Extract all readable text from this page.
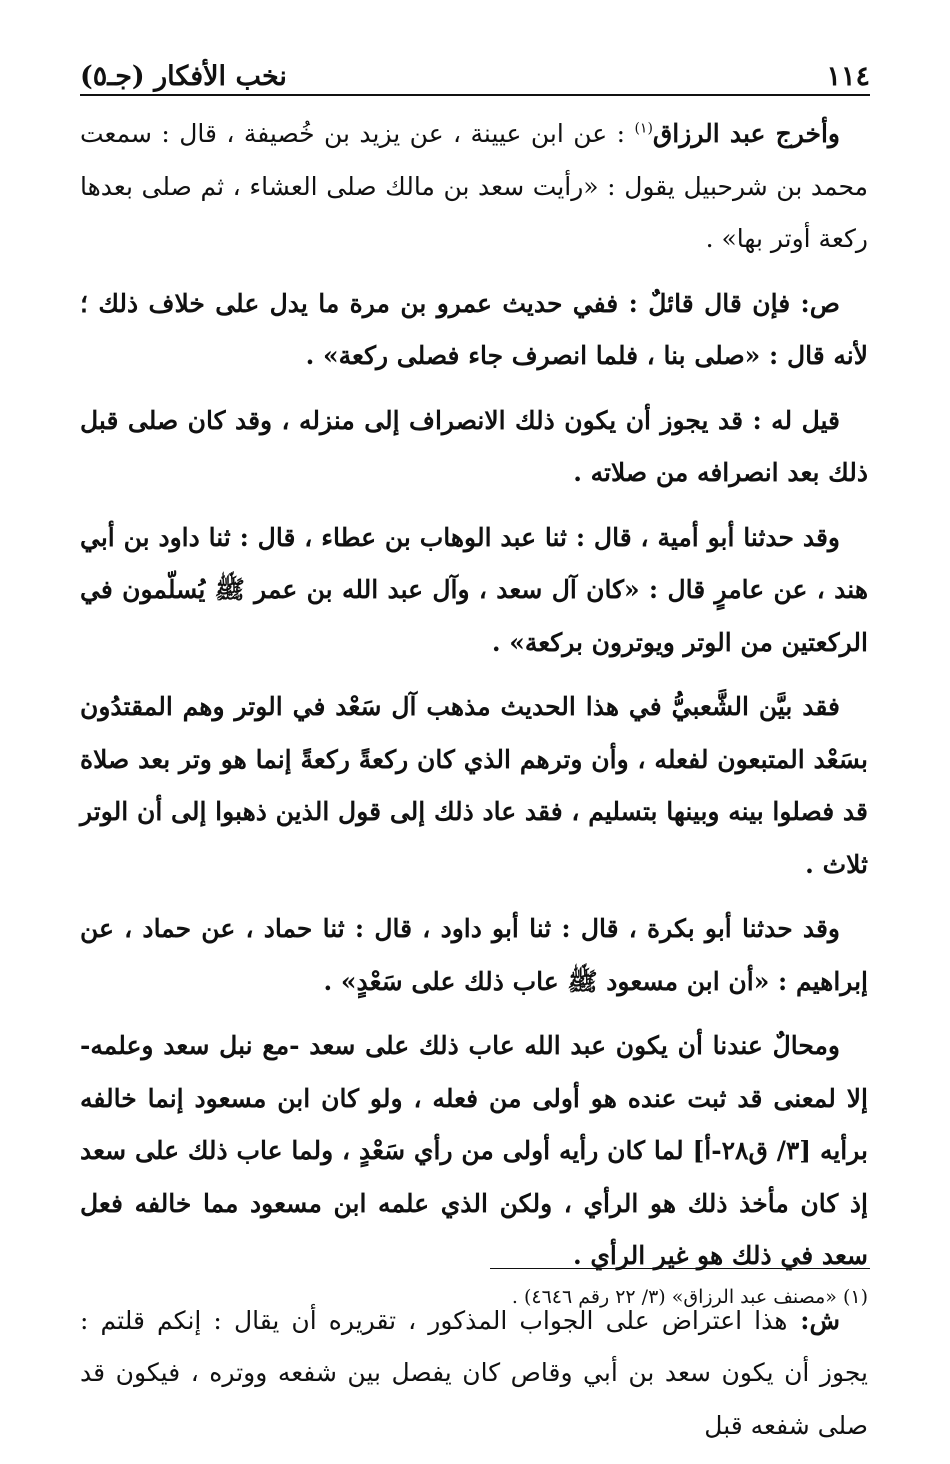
نخب الأفكار (جـ٥)	١١٤

وأخرج عبد الرزاق$^{(١)}$ : عن ابن عيينة ، عن يزيد بن خُصيفة ، قال : سمعت محمد بن شرحبيل يقول : «رأيت سعد بن مالك صلى العشاء ، ثم صلى بعدها ركعة أوتر بها» .

ص: فإن قال قائلٌ : ففي حديث عمرو بن مرة ما يدل على خلاف ذلك ؛ لأنه قال : «صلى بنا ، فلما انصرف جاء فصلى ركعة» .

قيل له : قد يجوز أن يكون ذلك الانصراف إلى منزله ، وقد كان صلى قبل ذلك بعد انصرافه من صلاته .

وقد حدثنا أبو أمية ، قال : ثنا عبد الوهاب بن عطاء ، قال : ثنا داود بن أبي هند ، عن عامرٍ قال : «كان آل سعد ، وآل عبد الله بن عمر ﷺ يُسلّمون في الركعتين من الوتر ويوترون بركعة» .

فقد بيَّن الشَّعبيُّ في هذا الحديث مذهب آل سَعْد في الوتر وهم المقتدُون بسَعْد المتبعون لفعله ، وأن وترهم الذي كان ركعةً ركعةً إنما هو وتر بعد صلاة قد فصلوا بينه وبينها بتسليم ، فقد عاد ذلك إلى قول الذين ذهبوا إلى أن الوتر ثلاث .

وقد حدثنا أبو بكرة ، قال : ثنا أبو داود ، قال : ثنا حماد ، عن حماد ، عن إبراهيم : «أن ابن مسعود ﷺ عاب ذلك على سَعْدٍ» .

ومحالٌ عندنا أن يكون عبد الله عاب ذلك على سعد -مع نبل سعد وعلمه- إلا لمعنى قد ثبت عنده هو أولى من فعله ، ولو كان ابن مسعود إنما خالفه برأيه [٣/ ق٢٨-أ] لما كان رأيه أولى من رأي سَعْدٍ ، ولما عاب ذلك على سعد إذ كان مأخذ ذلك هو الرأي ، ولكن الذي علمه ابن مسعود مما خالفه فعل سعد في ذلك هو غير الرأي .

ش: هذا اعتراض على الجواب المذكور ، تقريره أن يقال : إنكم قلتم : يجوز أن يكون سعد بن أبي وقاص كان يفصل بين شفعه ووتره ، فيكون قد صلى شفعه قبل

(١) «مصنف عبد الرزاق» (٣/ ٢٢ رقم ٤٦٤٦) .
